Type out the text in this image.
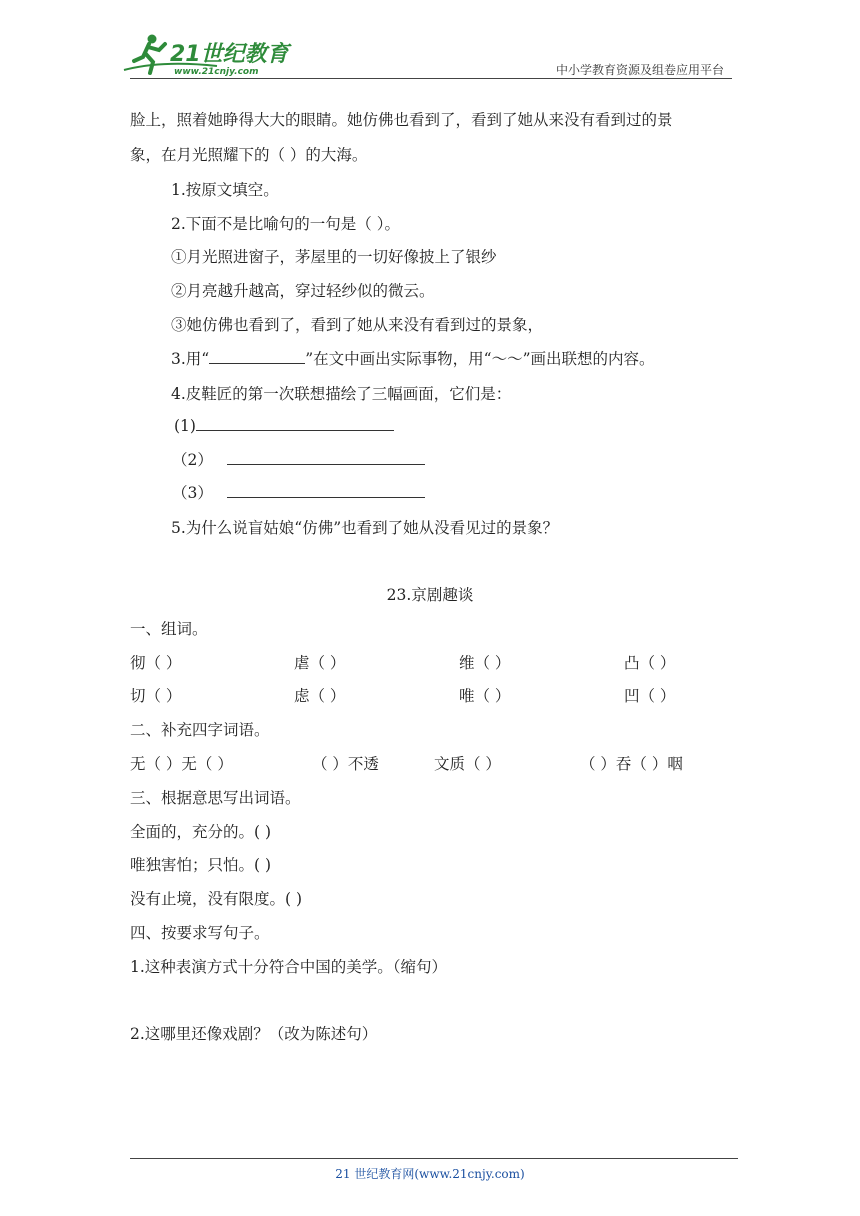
21世纪教育
www.21cnjy.com	中小学教育资源及组卷应用平台
脸上，照着她睁得大大的眼睛。她仿佛也看到了，看到了她从来没有看到过的景
象，在月光照耀下的（ ）的大海。
1.按原文填空。
2.下面不是比喻句的一句是（ ）。
①月光照进窗子，茅屋里的一切好像披上了银纱
②月亮越升越高，穿过轻纱似的微云。
③她仿佛也看到了，看到了她从来没有看到过的景象，
3.用“	”在文中画出实际事物，用“～～”画出联想的内容。
4.皮鞋匠的第一次联想描绘了三幅画面，它们是：
(1)
（2）
（3）
5.为什么说盲姑娘“仿佛”也看到了她从没看见过的景象？
23.京剧趣谈
一、组词。
彻（ ）	虐（ ）	维（ ）	凸（ ）
切（ ）	虑（ ）	唯（ ）	凹（ ）
二、补充四字词语。
无（ ）无（ ）	（ ）不透	文质（ ）	（ ）吞（ ）咽
三、根据意思写出词语。
全面的，充分的。( )
唯独害怕；只怕。( )
没有止境，没有限度。( )
四、按要求写句子。
1.这种表演方式十分符合中国的美学。（缩句）
2.这哪里还像戏剧？（改为陈述句）
21 世纪教育网(www.21cnjy.com)
